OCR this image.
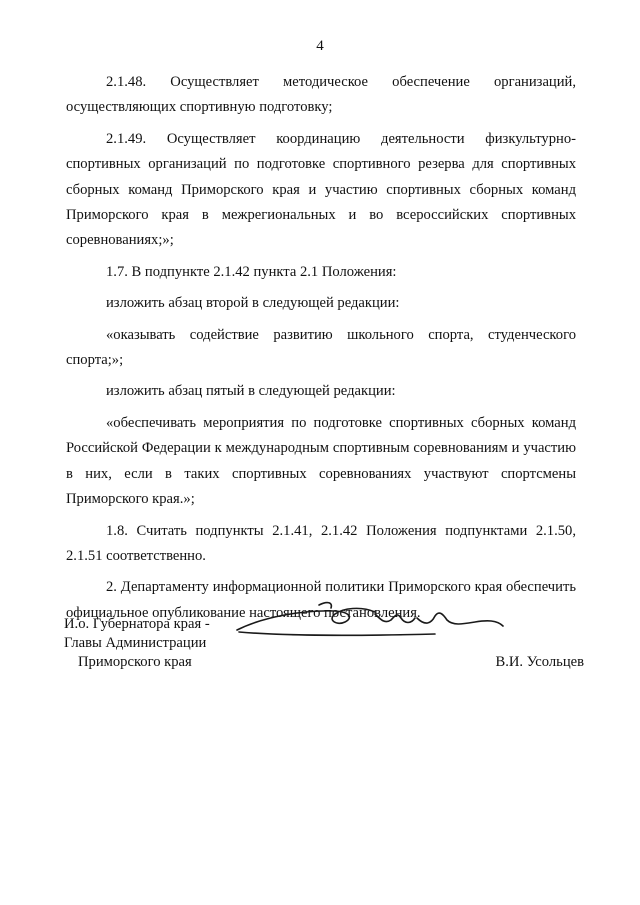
4

2.1.48. Осуществляет методическое обеспечение организаций, осуществляющих спортивную подготовку;

2.1.49. Осуществляет координацию деятельности физкультурно-спортивных организаций по подготовке спортивного резерва для спортивных сборных команд Приморского края и участию спортивных сборных команд Приморского края в межрегиональных и во всероссийских спортивных соревнованиях;»;

1.7. В подпункте 2.1.42 пункта 2.1 Положения:

изложить абзац второй в следующей редакции:

«оказывать содействие развитию школьного спорта, студенческого спорта;»;

изложить абзац пятый в следующей редакции:

«обеспечивать мероприятия по подготовке спортивных сборных команд Российской Федерации к международным спортивным соревнованиям и участию в них, если в таких спортивных соревнованиях участвуют спортсмены Приморского края.»;

1.8. Считать подпункты 2.1.41, 2.1.42 Положения подпунктами 2.1.50, 2.1.51 соответственно.

2. Департаменту информационной политики Приморского края обеспечить официальное опубликование настоящего постановления.

И.о. Губернатора края -
Главы Администрации
Приморского края	В.И. Усольцев
